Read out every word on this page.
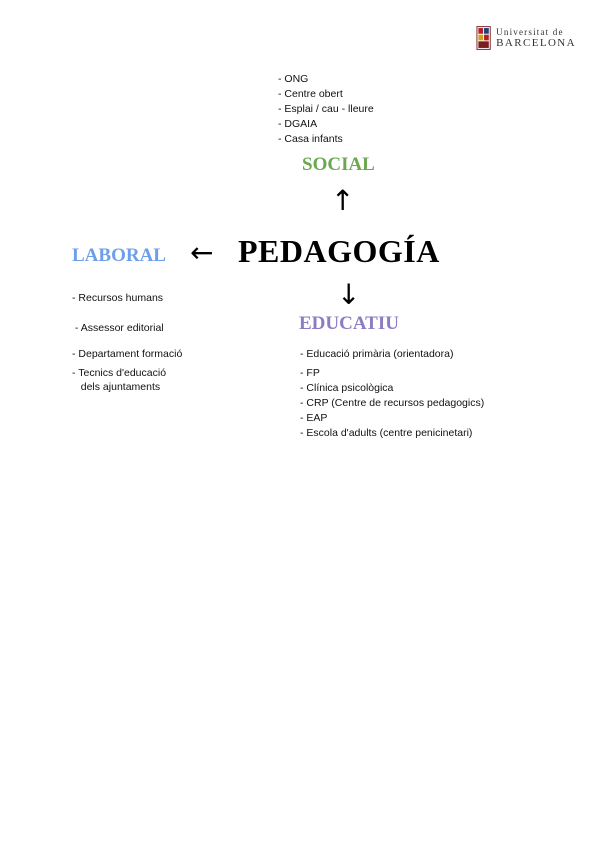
Universitat de
BARCELONA
- ONG
- Centre obert
- Esplai / cau - lleure
- DGAIA
- Casa infants
SOCIAL
↑
LABORAL ← PEDAGOGÍA
↓
- Recursos humans
- Assessor editorial
- Departament formació
- Tecnics d'educació
dels ajuntaments
EDUCATIU
- Educació primària (orientadora)
- FP
- Clínica psicològica
- CRP (Centre de recursos pedagogics)
- EAP
- Escola d'adults (centre penicinetari)
